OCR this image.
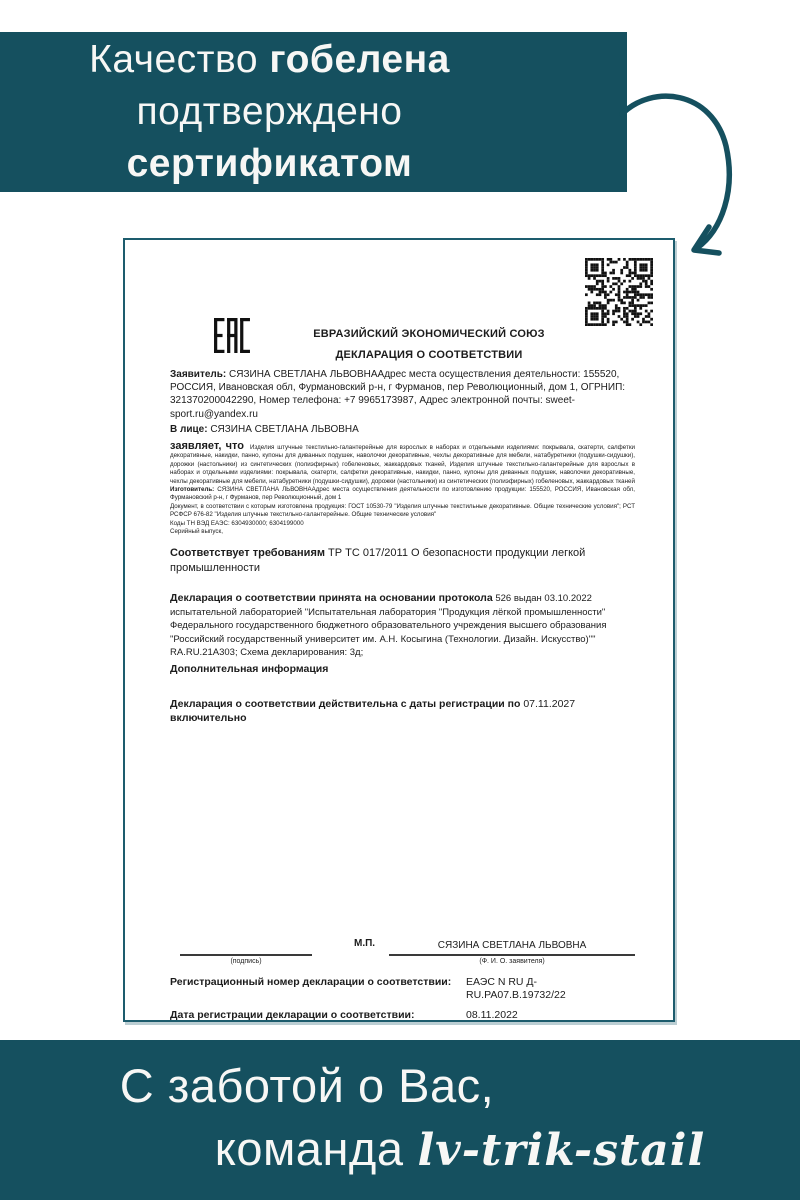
Качество гобелена
подтверждено
сертификатом
ЕВРАЗИЙСКИЙ ЭКОНОМИЧЕСКИЙ СОЮЗ
ДЕКЛАРАЦИЯ О СООТВЕТСТВИИ

Заявитель: СЯЗИНА СВЕТЛАНА ЛЬВОВНААдрес места осуществления деятельности: 155520, РОССИЯ, Ивановская обл, Фурмановский р-н, г Фурманов, пер Революционный, дом 1, ОГРНИП: 321370200042290, Номер телефона: +7 9965173987, Адрес электронной почты: sweet-sport.ru@yandex.ru

В лице: СЯЗИНА СВЕТЛАНА ЛЬВОВНА

заявляет, что Изделия штучные текстильно-галантерейные для взрослых в наборах и отдельными изделиями: покрывала, скатерти, салфетки декоративные, накидки, панно, купоны для диванных подушек, наволочки декоративные, чехлы декоративные для мебели, натабуретники (подушки-сидушки), дорожки (настольники) из синтетических (полиэфирных) гобеленовых, жаккардовых тканей, Изделия штучные текстильно-галантерейные для взрослых в наборах и отдельными изделиями: покрывала, скатерти, салфетки декоративные, накидки, панно, купоны для диванных подушек, наволочки декоративные, чехлы декоративные для мебели, натабуретники (подушки-сидушки), дорожки (настольники) из синтетических (полиэфирных) гобеленовых, жаккардовых тканей

Изготовитель: СЯЗИНА СВЕТЛАНА ЛЬВОВНААдрес места осуществления деятельности по изготовлению продукции: 155520, РОССИЯ, Ивановская обл, Фурмановский р-н, г Фурманов, пер Революционный, дом 1

Документ, в соответствии с которым изготовлена продукция: ГОСТ 10530-79 "Изделия штучные текстильные декоративные. Общие технические условия"; РСТ РСФСР 676-82 "Изделия штучные текстильно-галантерейные. Общие технические условия"

Коды ТН ВЭД ЕАЭС: 6304930000; 6304199000

Серийный выпуск,

Соответствует требованиям ТР ТС 017/2011 О безопасности продукции легкой промышленности

Декларация о соответствии принята на основании протокола 526 выдан 03.10.2022 испытательной лабораторией "Испытательная лаборатория "Продукция лёгкой промышленности" Федерального государственного бюджетного образовательного учреждения высшего образования "Российский государственный университет им. А.Н. Косыгина (Технологии. Дизайн. Искусство)"" RA.RU.21A303; Схема декларирования: 3д;

Дополнительная информация

Декларация о соответствии действительна с даты регистрации по 07.11.2027
включительно

(подпись)
М.П.	СЯЗИНА СВЕТЛАНА ЛЬВОВНА
(Ф. И. О. заявителя)
Регистрационный номер декларации о соответствии:	ЕАЭС N RU Д-RU.РА07.В.19732/22
Дата регистрации декларации о соответствии:	08.11.2022
С заботой о Вас,
команда lv-trik-stail
